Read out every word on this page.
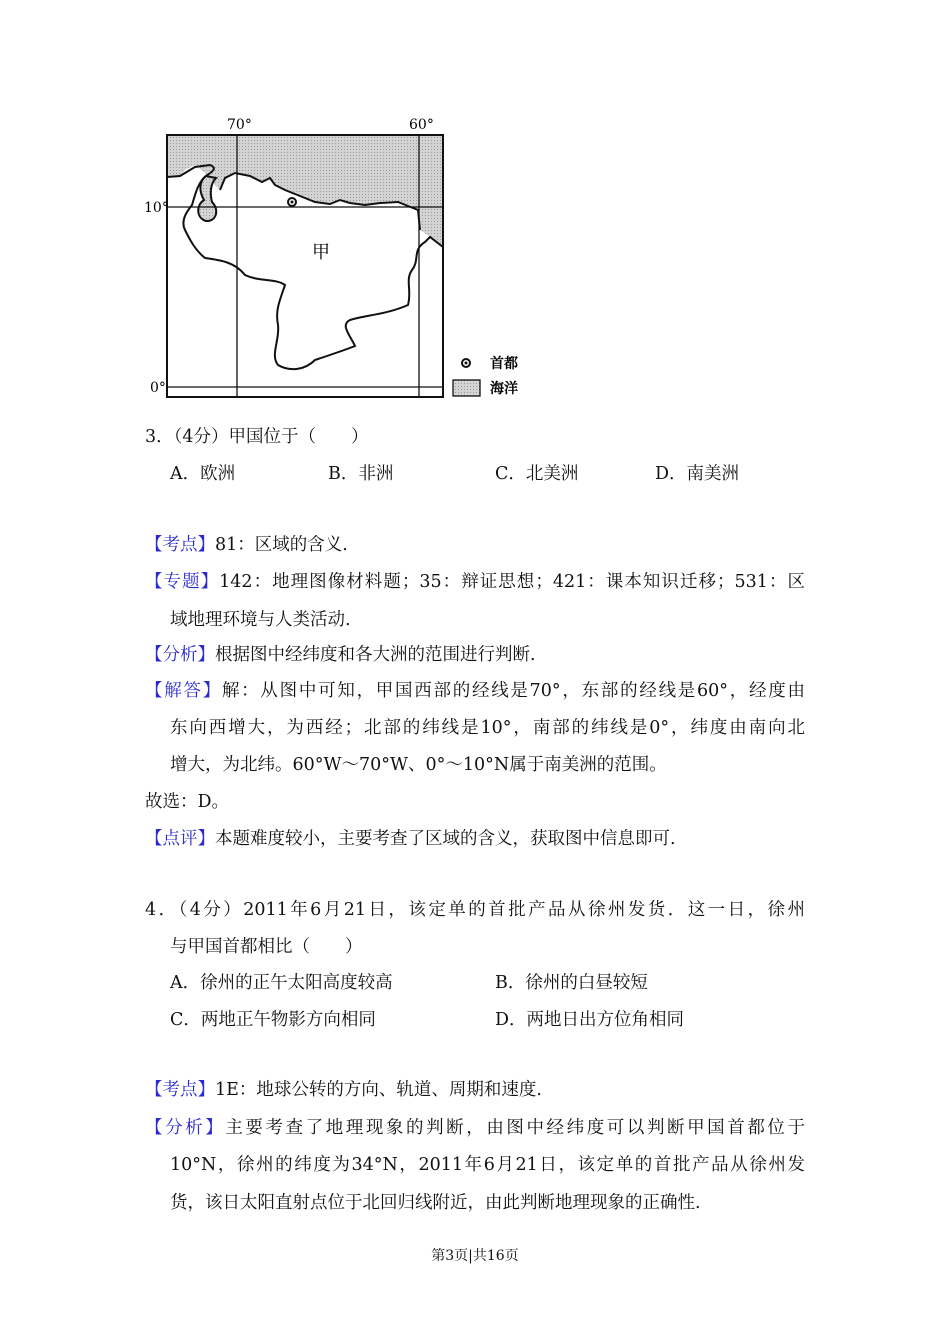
70°	60°
10°
0°
甲
首都
海洋
3．（4分）甲国位于（　　）
A．欧洲	B．非洲	C．北美洲	D．南美洲
【考点】81：区域的含义.
【专题】142：地理图像材料题；35：辩证思想；421：课本知识迁移；531：区
域地理环境与人类活动.
【分析】根据图中经纬度和各大洲的范围进行判断.
【解答】解：从图中可知，甲国西部的经线是70°，东部的经线是60°，经度由
东向西增大，为西经；北部的纬线是10°，南部的纬线是0°，纬度由南向北
增大，为北纬。60°W～70°W、0°～10°N属于南美洲的范围。
故选：D。
【点评】本题难度较小，主要考查了区域的含义，获取图中信息即可.
4．（4分）2011年6月21日，该定单的首批产品从徐州发货．这一日，徐州
与甲国首都相比（　　）
A．徐州的正午太阳高度较高	B．徐州的白昼较短
C．两地正午物影方向相同	D．两地日出方位角相同
【考点】1E：地球公转的方向、轨道、周期和速度.
【分析】主要考查了地理现象的判断，由图中经纬度可以判断甲国首都位于
10°N，徐州的纬度为34°N，2011年6月21日，该定单的首批产品从徐州发
货，该日太阳直射点位于北回归线附近，由此判断地理现象的正确性.
第3页|共16页
